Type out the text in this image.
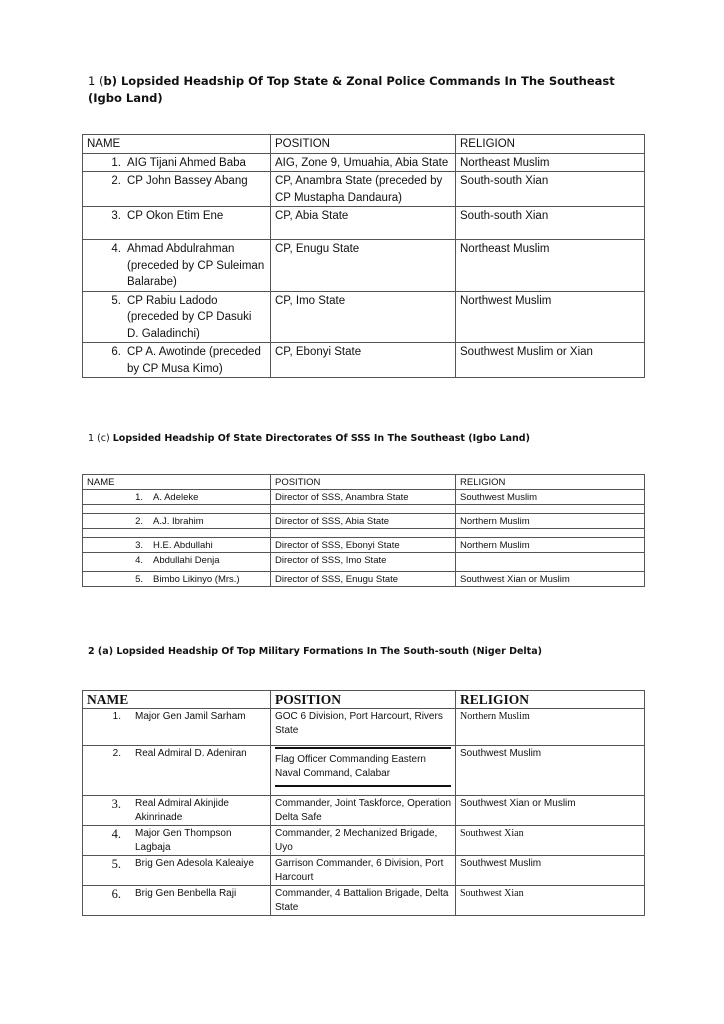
1 (b) Lopsided Headship Of Top State & Zonal Police Commands In The Southeast (Igbo Land)
NAME	POSITION	RELIGION

1. AIG Tijani Ahmed Baba	AIG, Zone 9, Umuahia, Abia State	Northeast Muslim

2. CP John Bassey Abang	CP, Anambra State (preceded by CP Mustapha Dandaura)	South-south Xian

3. CP Okon Etim Ene	CP, Abia State	South-south Xian

4. Ahmad Abdulrahman (preceded by CP Suleiman Balarabe)	CP, Enugu State	Northeast Muslim

5. CP Rabiu Ladodo (preceded by CP Dasuki D. Galadinchi)	CP, Imo State	Northwest Muslim

6. CP A. Awotinde (preceded by CP Musa Kimo)	CP, Ebonyi State	Southwest Muslim or Xian
1 (c) Lopsided Headship Of State Directorates Of SSS In The Southeast (Igbo Land)
NAME	POSITION	RELIGION

1. A. Adeleke	Director of SSS, Anambra State	Southwest Muslim

2. A.J. Ibrahim	Director of SSS, Abia State	Northern Muslim

3. H.E. Abdullahi	Director of SSS, Ebonyi State	Northern Muslim

4. Abdullahi Denja	Director of SSS, Imo State	

5. Bimbo Likinyo (Mrs.)	Director of SSS, Enugu State	Southwest Xian or Muslim
2 (a) Lopsided Headship Of Top Military Formations In The South-south (Niger Delta)
NAME	POSITION	RELIGION

1. Major Gen Jamil Sarham	GOC 6 Division, Port Harcourt, Rivers State	Northern Muslim

2. Real Admiral D. Adeniran	Flag Officer Commanding Eastern Naval Command, Calabar	Southwest Muslim

3. Real Admiral Akinjide Akinrinade	Commander, Joint Taskforce, Operation Delta Safe	Southwest Xian or Muslim

4. Major Gen Thompson Lagbaja	Commander, 2 Mechanized Brigade, Uyo	Southwest Xian

5. Brig Gen Adesola Kaleaiye	Garrison Commander, 6 Division, Port Harcourt	Southwest Muslim

6. Brig Gen Benbella Raji	Commander, 4 Battalion Brigade, Delta State	Southwest Xian
